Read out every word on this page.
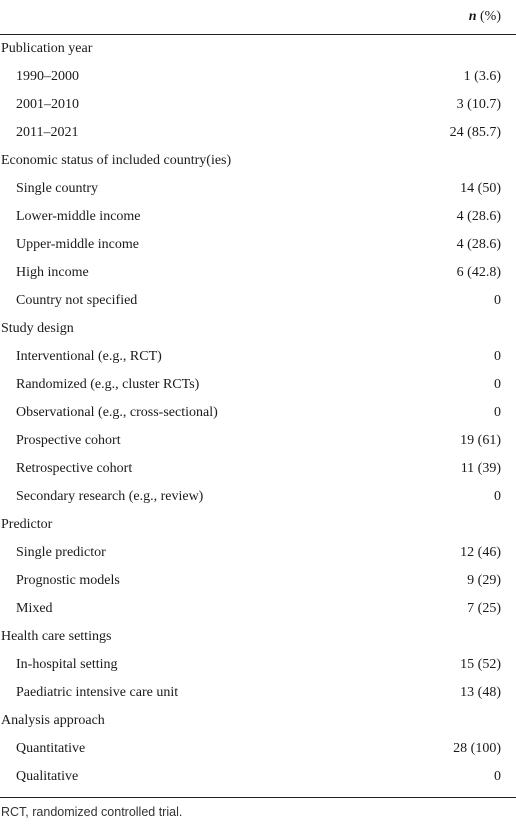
n (%)
Publication year
1990–2000	1 (3.6)
2001–2010	3 (10.7)
2011–2021	24 (85.7)
Economic status of included country(ies)
Single country	14 (50)
Lower-middle income	4 (28.6)
Upper-middle income	4 (28.6)
High income	6 (42.8)
Country not specified	0
Study design
Interventional (e.g., RCT)	0
Randomized (e.g., cluster RCTs)	0
Observational (e.g., cross-sectional)	0
Prospective cohort	19 (61)
Retrospective cohort	11 (39)
Secondary research (e.g., review)	0
Predictor
Single predictor	12 (46)
Prognostic models	9 (29)
Mixed	7 (25)
Health care settings
In-hospital setting	15 (52)
Paediatric intensive care unit	13 (48)
Analysis approach
Quantitative	28 (100)
Qualitative	0
RCT, randomized controlled trial.
